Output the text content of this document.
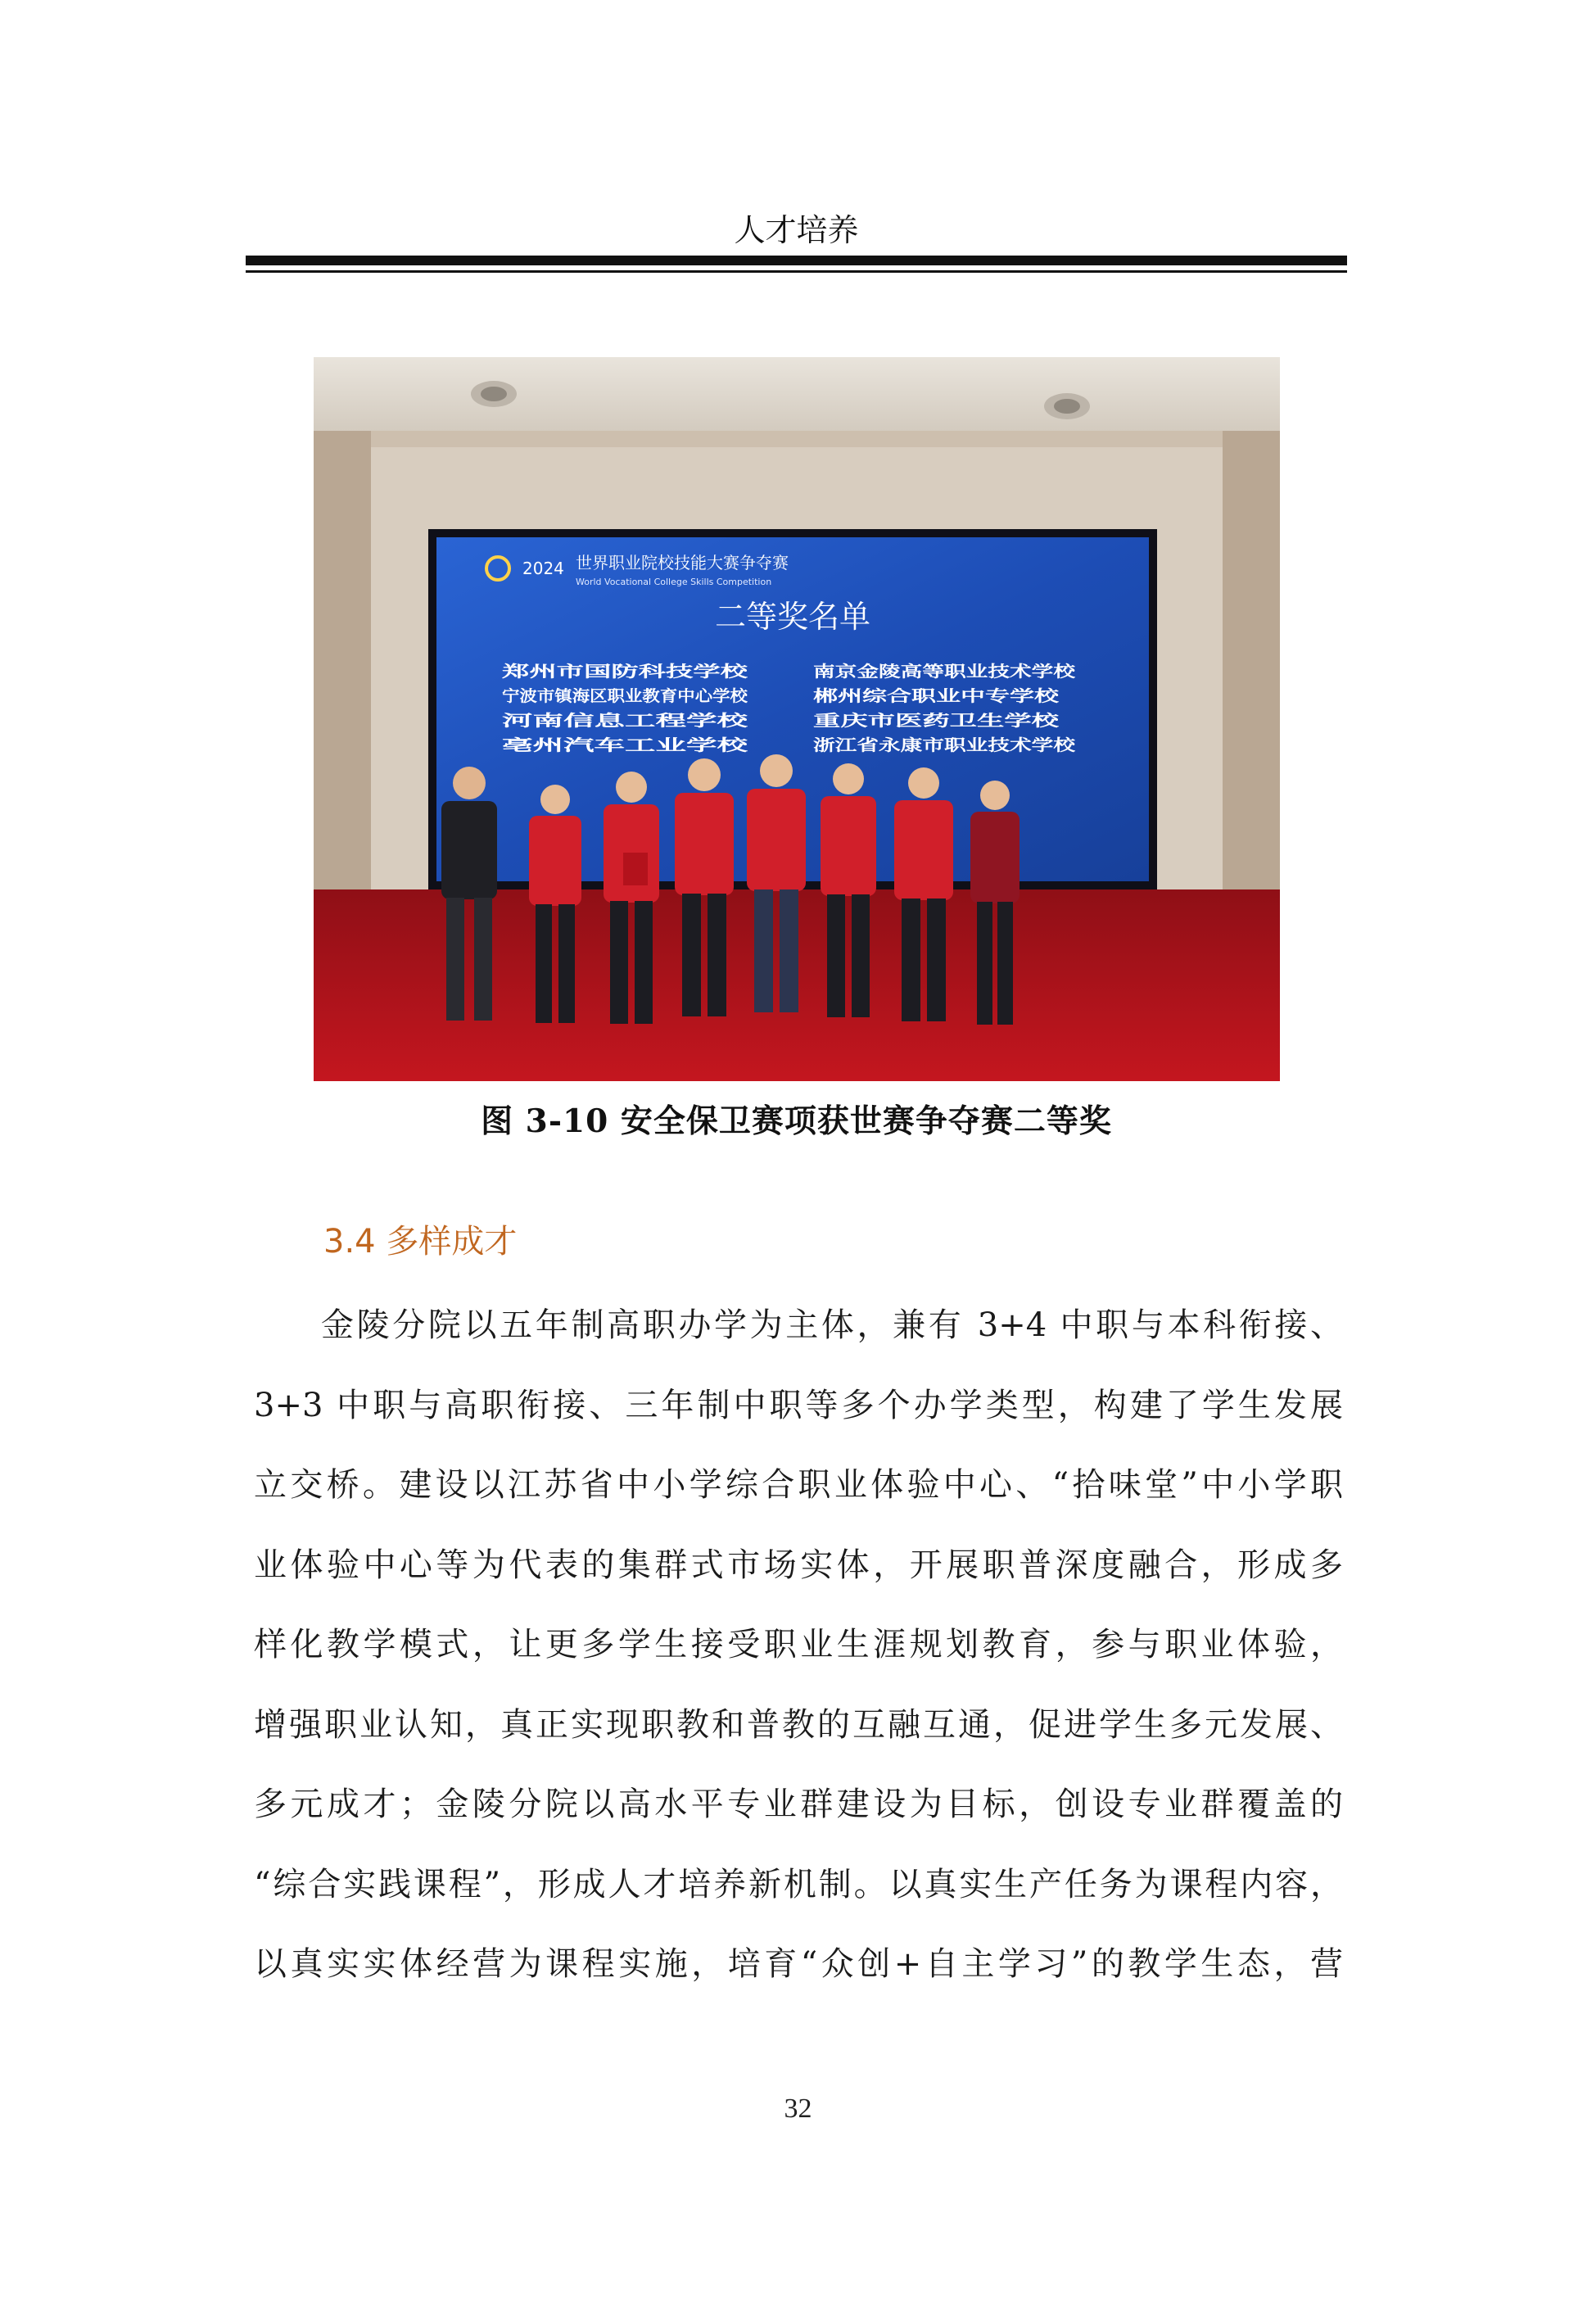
人才培养
2024 世界职业院校技能大赛争夺赛
World Vocational College Skills Competition
二等奖名单
郑州市国防科技学校
宁波市镇海区职业教育中心学校
河南信息工程学校
亳州汽车工业学校
南京金陵高等职业技术学校
郴州综合职业中专学校
重庆市医药卫生学校
浙江省永康市职业技术学校
图 3-10 安全保卫赛项获世赛争夺赛二等奖
3.4 多样成才
金陵分院以五年制高职办学为主体，兼有 3+4 中职与本科衔接、
3+3 中职与高职衔接、三年制中职等多个办学类型，构建了学生发展
立交桥。建设以江苏省中小学综合职业体验中心、“拾味堂”中小学职
业体验中心等为代表的集群式市场实体，开展职普深度融合，形成多
样化教学模式，让更多学生接受职业生涯规划教育，参与职业体验，
增强职业认知，真正实现职教和普教的互融互通，促进学生多元发展、
多元成才；金陵分院以高水平专业群建设为目标，创设专业群覆盖的
“综合实践课程”，形成人才培养新机制。以真实生产任务为课程内容，
以真实实体经营为课程实施，培育“众创+自主学习”的教学生态，营
32
